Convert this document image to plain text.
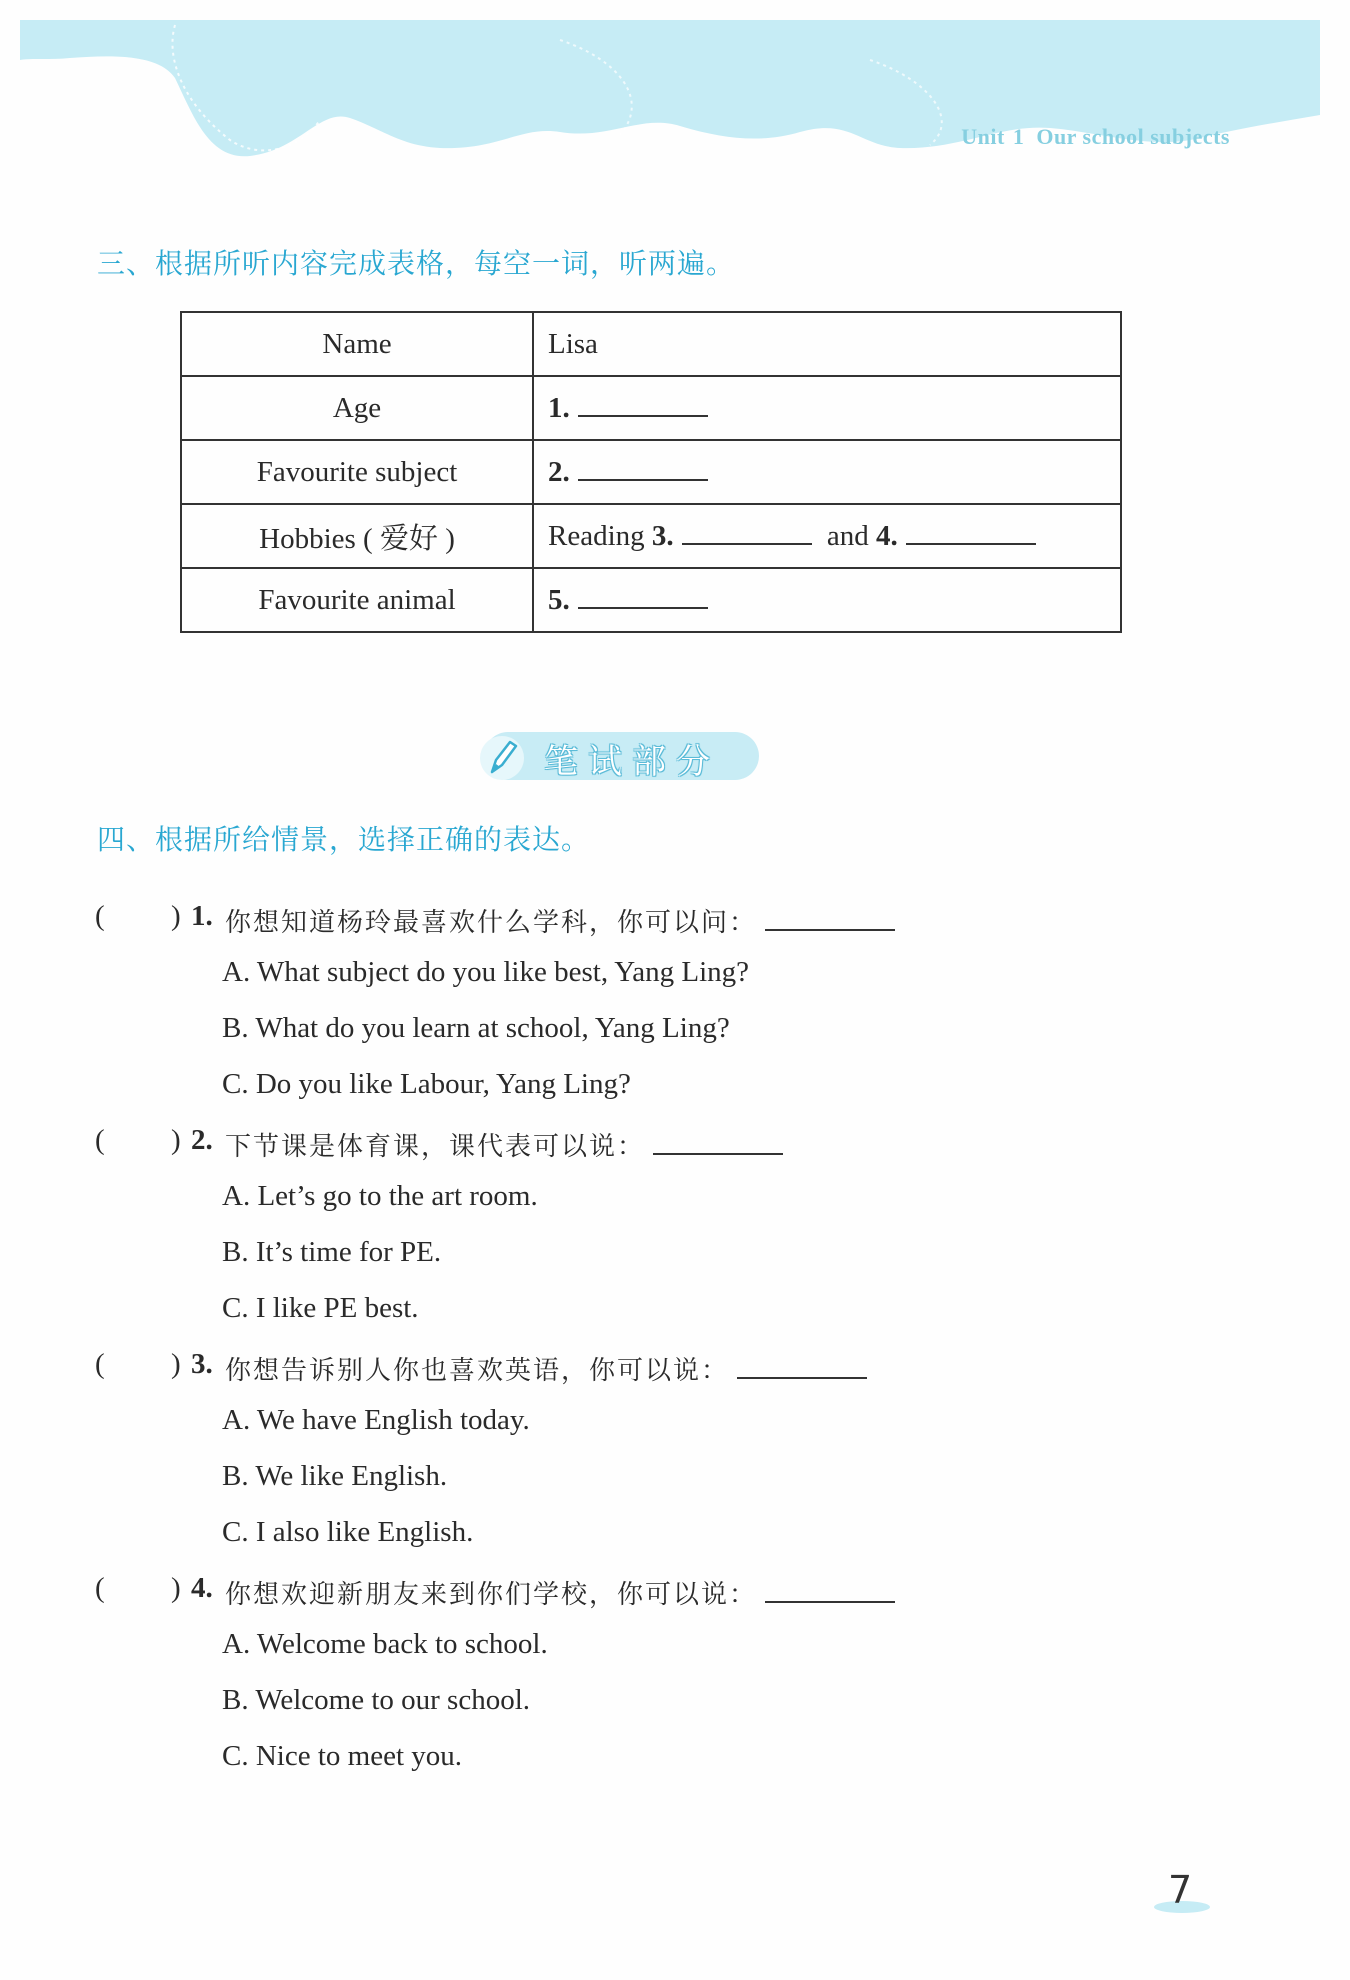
Unit 1 Our school subjects
三、根据所听内容完成表格，每空一词，听两遍。
Name	Lisa
Age	1.
Favourite subject	2.
Hobbies ( 爱好 )	Reading 3. and 4.
Favourite animal	5.
笔试部分
四、根据所给情景，选择正确的表达。
( ) 1. 你想知道杨玲最喜欢什么学科，你可以问：
A. What subject do you like best, Yang Ling?
B. What do you learn at school, Yang Ling?
C. Do you like Labour, Yang Ling?
( ) 2. 下节课是体育课，课代表可以说：
A. Let’s go to the art room.
B. It’s time for PE.
C. I like PE best.
( ) 3. 你想告诉别人你也喜欢英语，你可以说：
A. We have English today.
B. We like English.
C. I also like English.
( ) 4. 你想欢迎新朋友来到你们学校，你可以说：
A. Welcome back to school.
B. Welcome to our school.
C. Nice to meet you.
7
